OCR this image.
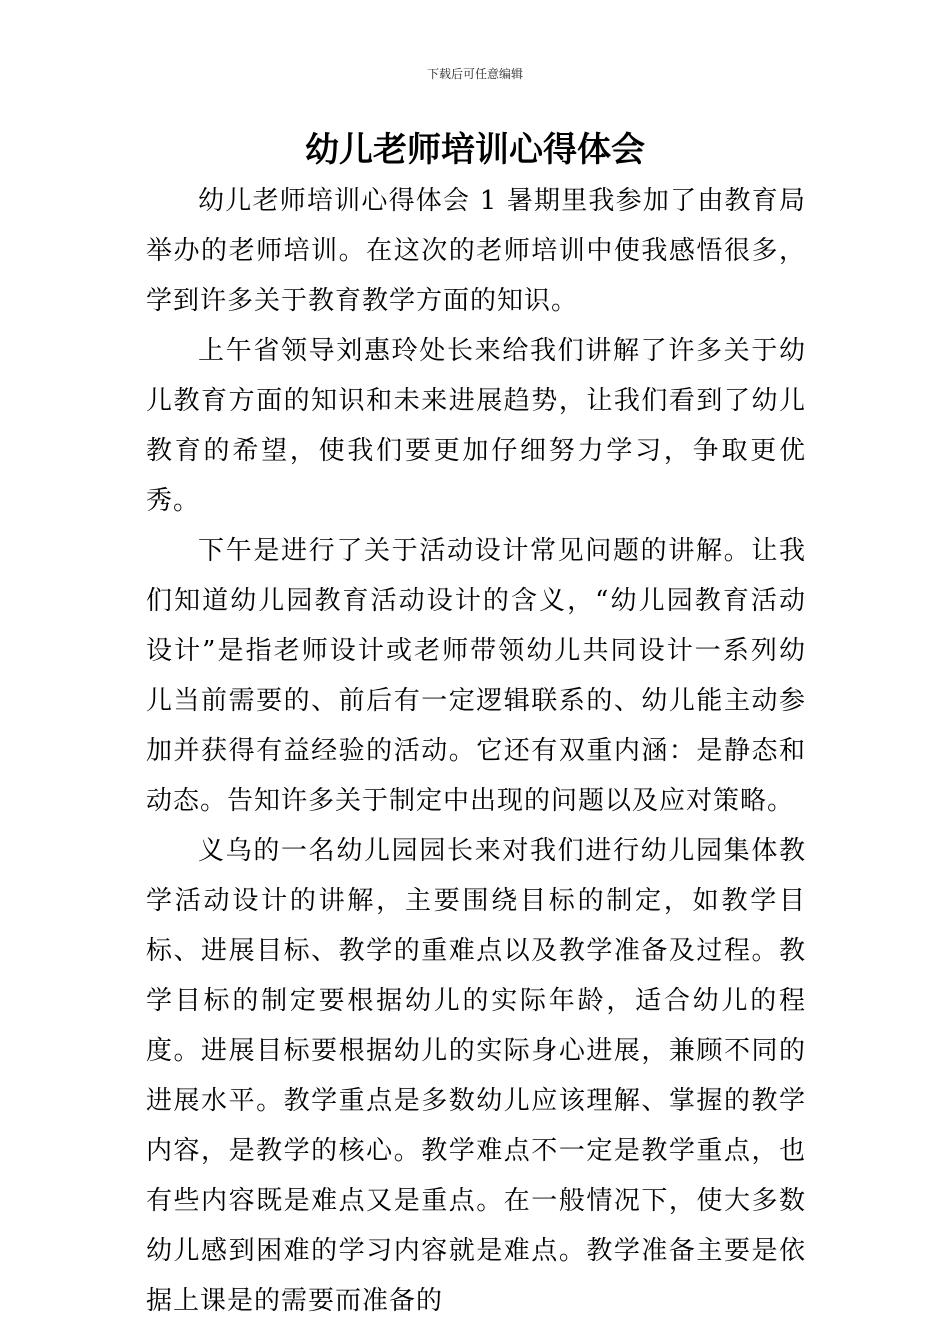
下载后可任意编辑
幼儿老师培训心得体会

幼儿老师培训心得体会 1 暑期里我参加了由教育局举办的老师培训。在这次的老师培训中使我感悟很多，学到许多关于教育教学方面的知识。

上午省领导刘惠玲处长来给我们讲解了许多关于幼儿教育方面的知识和未来进展趋势，让我们看到了幼儿教育的希望，使我们要更加仔细努力学习，争取更优秀。

下午是进行了关于活动设计常见问题的讲解。让我们知道幼儿园教育活动设计的含义，“幼儿园教育活动设计”是指老师设计或老师带领幼儿共同设计一系列幼儿当前需要的、前后有一定逻辑联系的、幼儿能主动参加并获得有益经验的活动。它还有双重内涵：是静态和动态。告知许多关于制定中出现的问题以及应对策略。

义乌的一名幼儿园园长来对我们进行幼儿园集体教学活动设计的讲解，主要围绕目标的制定，如教学目标、进展目标、教学的重难点以及教学准备及过程。教学目标的制定要根据幼儿的实际年龄，适合幼儿的程度。进展目标要根据幼儿的实际身心进展，兼顾不同的进展水平。教学重点是多数幼儿应该理解、掌握的教学内容，是教学的核心。教学难点不一定是教学重点，也有些内容既是难点又是重点。在一般情况下，使大多数幼儿感到困难的学习内容就是难点。教学准备主要是依据上课是的需要而准备的
